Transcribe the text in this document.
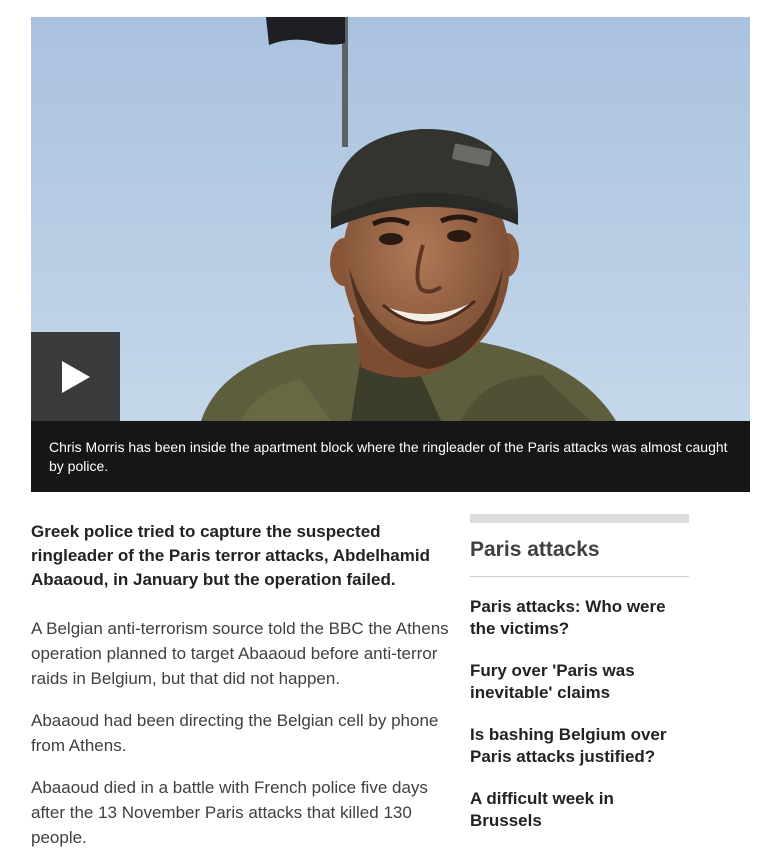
Chris Morris has been inside the apartment block where the ringleader of the Paris attacks was almost caught by police.

Greek police tried to capture the suspected ringleader of the Paris terror attacks, Abdelhamid Abaaoud, in January but the operation failed.

A Belgian anti-terrorism source told the BBC the Athens operation planned to target Abaaoud before anti-terror raids in Belgium, but that did not happen.

Abaaoud had been directing the Belgian cell by phone from Athens.

Abaaoud died in a battle with French police five days after the 13 November Paris attacks that killed 130 people.

Paris attacks
Paris attacks: Who were the victims?
Fury over 'Paris was inevitable' claims
Is bashing Belgium over Paris attacks justified?
A difficult week in Brussels
